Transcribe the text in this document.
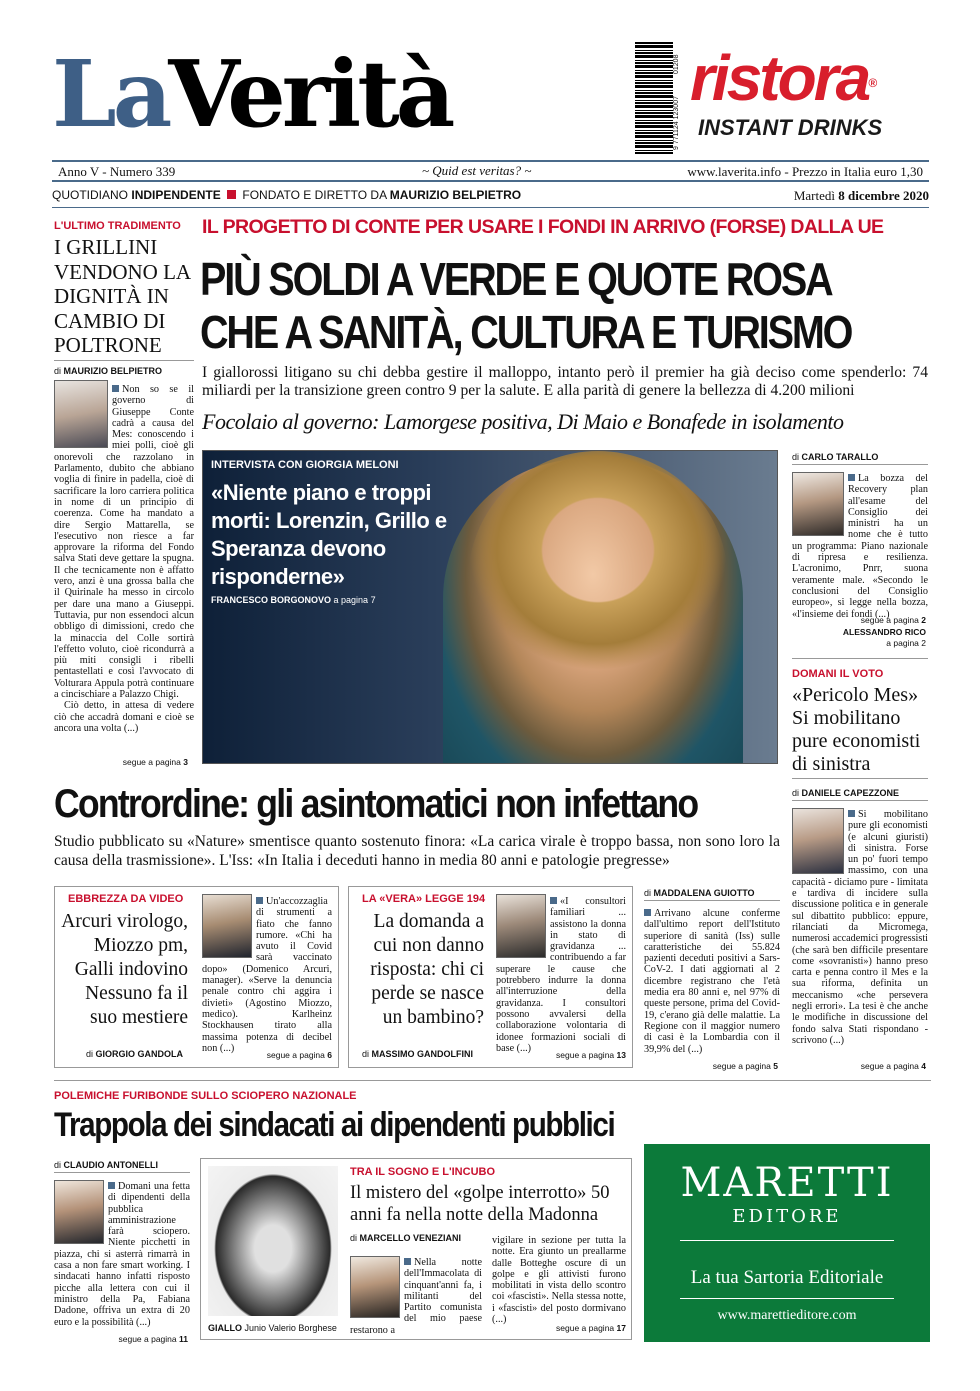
LaVerità	9 771124 123007
01208 ristora®
INSTANT DRINKS
Anno V - Numero 339	~ Quid est veritas? ~	www.laverita.info - Prezzo in Italia euro 1,30
QUOTIDIANO INDIPENDENTE FONDATO E DIRETTO DA MAURIZIO BELPIETRO	Martedì 8 dicembre 2020
L'ULTIMO TRADIMENTO
I GRILLINI VENDONO LA DIGNITÀ IN CAMBIO DI POLTRONE
di MAURIZIO BELPIETRO
Non so se il governo di Giuseppe Conte cadrà a causa del Mes: conoscendo i miei polli, cioè gli onorevoli che razzolano in Parlamento, dubito che abbiano voglia di finire in padella, cioè di sacrificare la loro carriera politica in nome di un principio di coerenza. Come ha mandato a dire Sergio Mattarella, se l'esecutivo non riesce a far approvare la riforma del Fondo salva Stati deve gettare la spugna. Il che tecnicamente non è affatto vero, anzi è una grossa balla che il Quirinale ha messo in circolo per dare una mano a Giuseppi. Tuttavia, pur non essendoci alcun obbligo di dimissioni, credo che la minaccia del Colle sortirà l'effetto voluto, cioè ricondurrà a più miti consigli i ribelli pentastellati e così l'avvocato di Volturara Appula potrà continuare a cincischiare a Palazzo Chigi.
Ciò detto, in attesa di vedere ciò che accadrà domani e cioè se ancora una volta (...)
segue a pagina 3
IL PROGETTO DI CONTE PER USARE I FONDI IN ARRIVO (FORSE) DALLA UE
PIÙ SOLDI A VERDE E QUOTE ROSA
CHE A SANITÀ, CULTURA E TURISMO
I giallorossi litigano su chi debba gestire il malloppo, intanto però il premier ha già deciso come spenderlo: 74 miliardi per la transizione green contro 9 per la salute. E alla parità di genere la bellezza di 4.200 milioni
Focolaio al governo: Lamorgese positiva, Di Maio e Bonafede in isolamento
INTERVISTA CON GIORGIA MELONI
«Niente piano e troppi morti: Lorenzin, Grillo e Speranza devono risponderne»
FRANCESCO BORGONOVO a pagina 7
di CARLO TARALLO
La bozza del Recovery plan all'esame del Consiglio dei ministri ha un nome che è tutto un programma: Piano nazionale di ripresa e resilienza. L'acronimo, Pnrr, suona veramente male. «Secondo le conclusioni del Consiglio europeo», si legge nella bozza, «l'insieme dei fondi (...)
segue a pagina 2
ALESSANDRO RICO
a pagina 2
DOMANI IL VOTO
«Pericolo Mes» Si mobilitano pure economisti di sinistra
Contrordine: gli asintomatici non infettano
Studio pubblicato su «Nature» smentisce quanto sostenuto finora: «La carica virale è troppo bassa, non sono loro la causa della trasmissione». L'Iss: «In Italia i deceduti hanno in media 80 anni e patologie pregresse»
di DANIELE CAPEZZONE
Si mobilitano pure gli economisti (e alcuni giuristi) di sinistra. Forse un po' fuori tempo massimo, con una capacità - diciamo pure - limitata e tardiva di incidere sulla discussione politica e in generale sul dibattito pubblico: eppure, rilanciati da Micromega, numerosi accademici progressisti (che sarà ben difficile presentare come «sovranisti») hanno preso carta e penna contro il Mes e la sua riforma, definita un meccanismo «che persevera negli errori». La tesi è che anche le modifiche in discussione del fondo salva Stati rispondano - scrivono (...)
segue a pagina 4
EBBREZZA DA VIDEO
Arcuri virologo, Miozzo pm, Galli indovino Nessuno fa il suo mestiere
di GIORGIO GANDOLA
Un'accozzaglia di strumenti a fiato che fanno rumore. «Chi ha avuto il Covid sarà vaccinato dopo» (Domenico Arcuri, manager). «Serve la denuncia penale contro chi aggira i divieti» (Agostino Miozzo, medico). Karlheinz Stockhausen tirato alla massima potenza di decibel non (...)
segue a pagina 6
LA «VERA» LEGGE 194
La domanda a cui non danno risposta: chi ci perde se nasce un bambino?
di MASSIMO GANDOLFINI
«I consultori familiari ... assistono la donna in stato di gravidanza ... contribuendo a far superare le cause che potrebbero indurre la donna all'interruzione della gravidanza. I consultori possono avvalersi della collaborazione volontaria di idonee formazioni sociali di base (...)
segue a pagina 13
di MADDALENA GUIOTTO
Arrivano alcune conferme dall'ultimo report dell'Istituto superiore di sanità (Iss) sulle caratteristiche dei 55.824 pazienti deceduti positivi a Sars-CoV-2. I dati aggiornati al 2 dicembre registrano che l'età media era 80 anni e, nel 97% di queste persone, prima del Covid-19, c'erano già delle malattie. La Regione con il maggior numero di casi è la Lombardia con il 39,9% del (...)
segue a pagina 5
POLEMICHE FURIBONDE SULLO SCIOPERO NAZIONALE
Trappola dei sindacati ai dipendenti pubblici
di CLAUDIO ANTONELLI
Domani una fetta di dipendenti della pubblica amministrazione farà sciopero. Niente picchetti in piazza, chi si asterrà rimarrà in casa a non fare smart working. I sindacati hanno infatti risposto picche alla lettera con cui il ministro della Pa, Fabiana Dadone, offriva un extra di 20 euro e la possibilità (...)
segue a pagina 11
GIALLO Junio Valerio Borghese
TRA IL SOGNO E L'INCUBO
Il mistero del «golpe interrotto» 50 anni fa nella notte della Madonna
di MARCELLO VENEZIANI
Nella notte dell'Immacolata di cinquant'anni fa, i militanti del Partito comunista del mio paese restarono a
vigilare in sezione per tutta la notte. Era giunto un preallarme dalle Botteghe oscure di un golpe e gli attivisti furono mobilitati in vista dello scontro coi «fascisti». Nella stessa notte, i «fascisti» del posto dormivano (...)
segue a pagina 17
MARETTI
EDITORE
La tua Sartoria Editoriale
www.marettieditore.com
